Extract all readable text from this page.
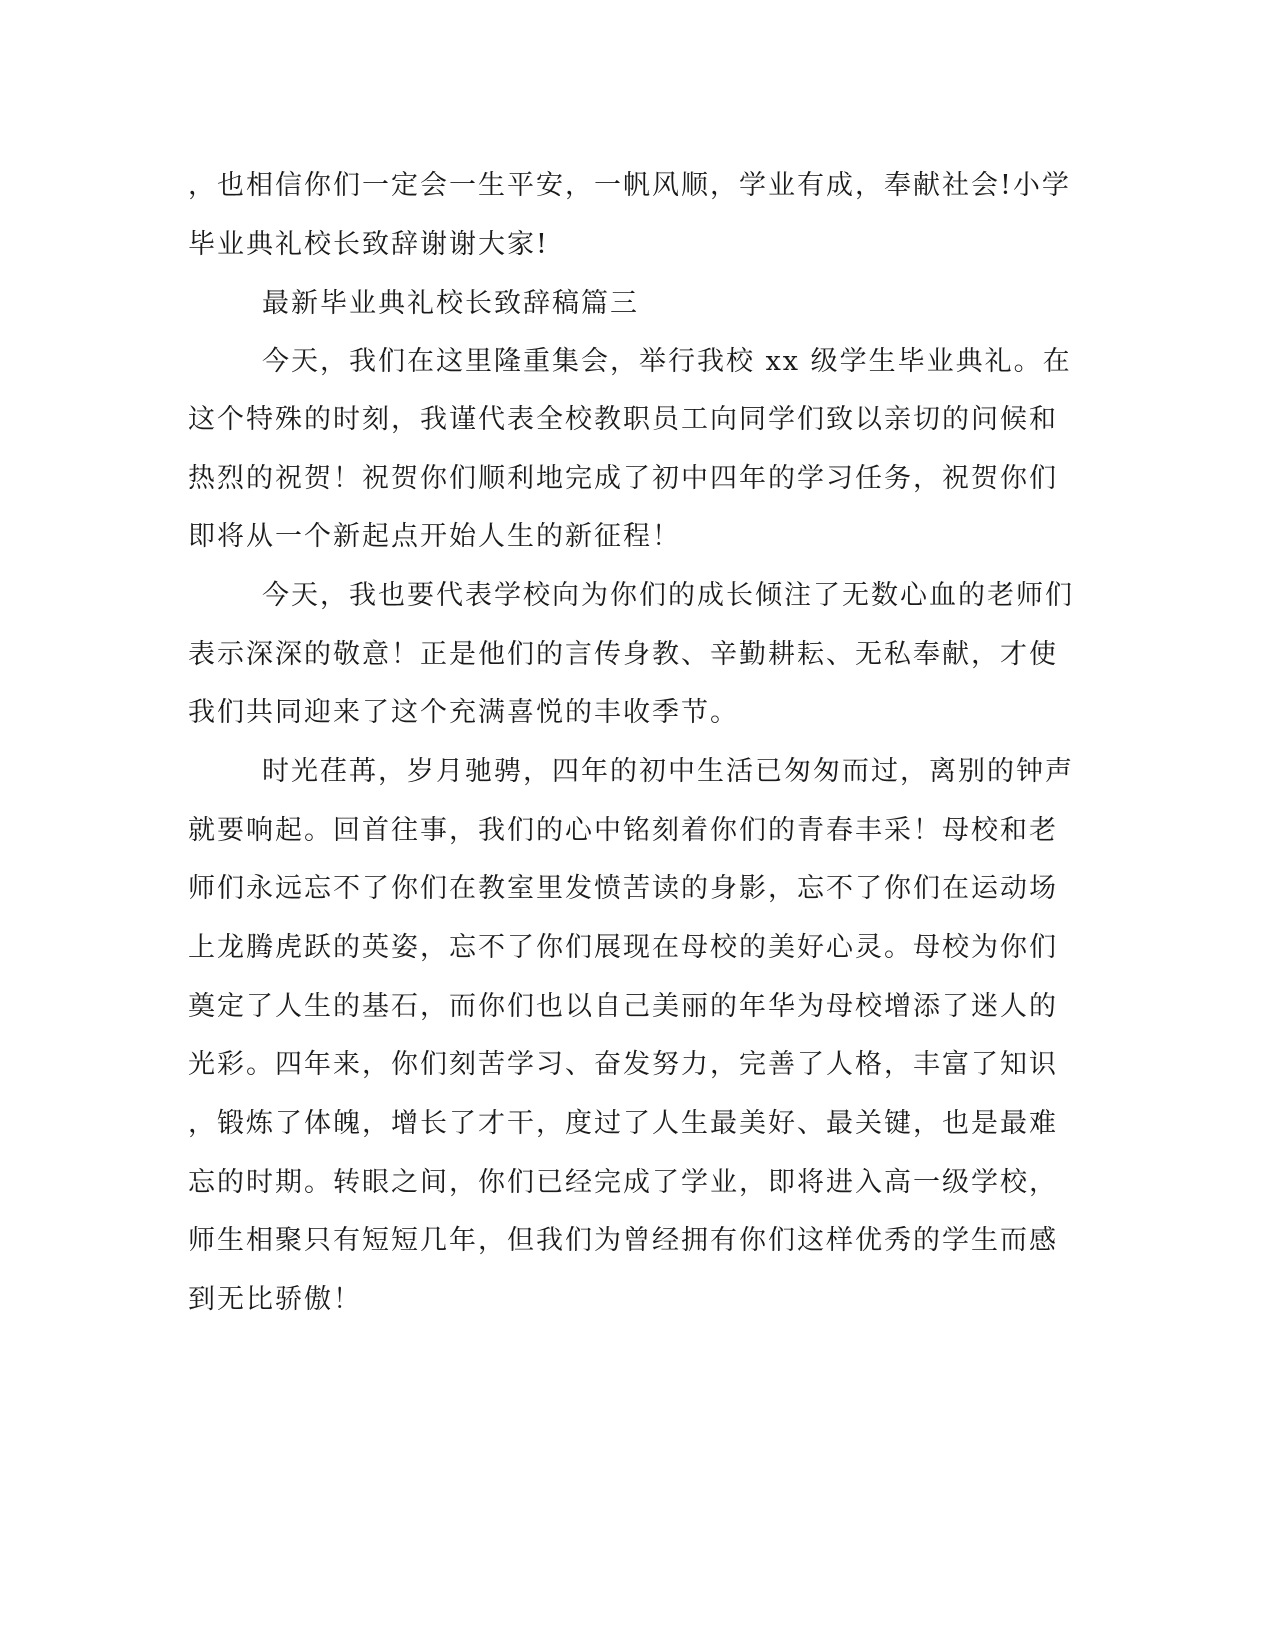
，也相信你们一定会一生平安，一帆风顺，学业有成，奉献社会!小学
毕业典礼校长致辞谢谢大家!
最新毕业典礼校长致辞稿篇三
今天，我们在这里隆重集会，举行我校 xx 级学生毕业典礼。在
这个特殊的时刻，我谨代表全校教职员工向同学们致以亲切的问候和
热烈的祝贺！祝贺你们顺利地完成了初中四年的学习任务，祝贺你们
即将从一个新起点开始人生的新征程！
今天，我也要代表学校向为你们的成长倾注了无数心血的老师们
表示深深的敬意！正是他们的言传身教、辛勤耕耘、无私奉献，才使
我们共同迎来了这个充满喜悦的丰收季节。
时光荏苒，岁月驰骋，四年的初中生活已匆匆而过，离别的钟声
就要响起。回首往事，我们的心中铭刻着你们的青春丰采！母校和老
师们永远忘不了你们在教室里发愤苦读的身影，忘不了你们在运动场
上龙腾虎跃的英姿，忘不了你们展现在母校的美好心灵。母校为你们
奠定了人生的基石，而你们也以自己美丽的年华为母校增添了迷人的
光彩。四年来，你们刻苦学习、奋发努力，完善了人格，丰富了知识
，锻炼了体魄，增长了才干，度过了人生最美好、最关键，也是最难
忘的时期。转眼之间，你们已经完成了学业，即将进入高一级学校，
师生相聚只有短短几年，但我们为曾经拥有你们这样优秀的学生而感
到无比骄傲！
